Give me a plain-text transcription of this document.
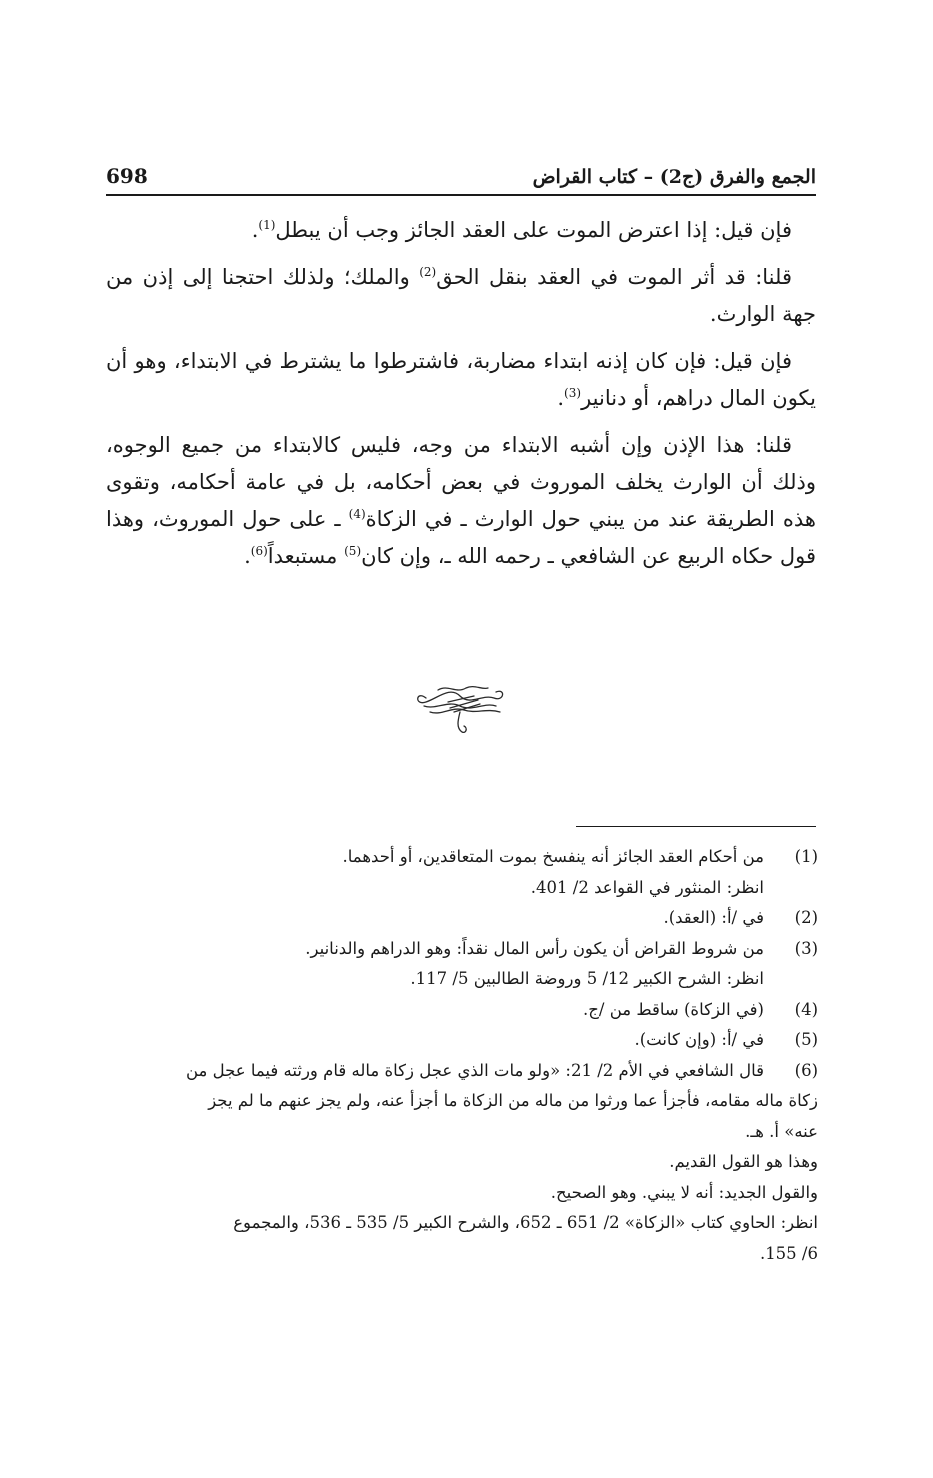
الجمع والفرق (ج2) – كتاب القراض
698

فإن قيل: إذا اعترض الموت على العقد الجائز وجب أن يبطل$^{(1)}$.

قلنا: قد أثر الموت في العقد بنقل الحق$^{(2)}$ والملك؛ ولذلك احتجنا إلى إذن من جهة الوارث.

فإن قيل: فإن كان إذنه ابتداء مضاربة، فاشترطوا ما يشترط في الابتداء، وهو أن يكون المال دراهم، أو دنانير$^{(3)}$.

قلنا: هذا الإذن وإن أشبه الابتداء من وجه، فليس كالابتداء من جميع الوجوه، وذلك أن الوارث يخلف الموروث في بعض أحكامه، بل في عامة أحكامه، وتقوى هذه الطريقة عند من يبني حول الوارث ـ في الزكاة$^{(4)}$ ـ على حول الموروث، وهذا قول حكاه الربيع عن الشافعي ـ رحمه الله ـ، وإن كان$^{(5)}$ مستبعداً$^{(6)}$.

(1)
من أحكام العقد الجائز أنه ينفسخ بموت المتعاقدين، أو أحدهما.
انظر: المنثور في القواعد 2/ 401.
(2)
في /أ: (العقد).
(3)
من شروط القراض أن يكون رأس المال نقداً: وهو الدراهم والدنانير.
انظر: الشرح الكبير 12/ 5 وروضة الطالبين 5/ 117.
(4)
(في الزكاة) ساقط من /ج.
(5)
في /أ: (وإن كانت).
(6)
قال الشافعي في الأم 2/ 21: «ولو مات الذي عجل زكاة ماله قام ورثته فيما عجل من
زكاة ماله مقامه، فأجزأ عما ورثوا من ماله من الزكاة ما أجزأ عنه، ولم يجز عنهم ما لم يجز
عنه» أ. هـ.
وهذا هو القول القديم.
والقول الجديد: أنه لا يبني. وهو الصحيح.
انظر: الحاوي كتاب «الزكاة» 2/ 651 ـ 652، والشرح الكبير 5/ 535 ـ 536، والمجموع
6/ 155.
